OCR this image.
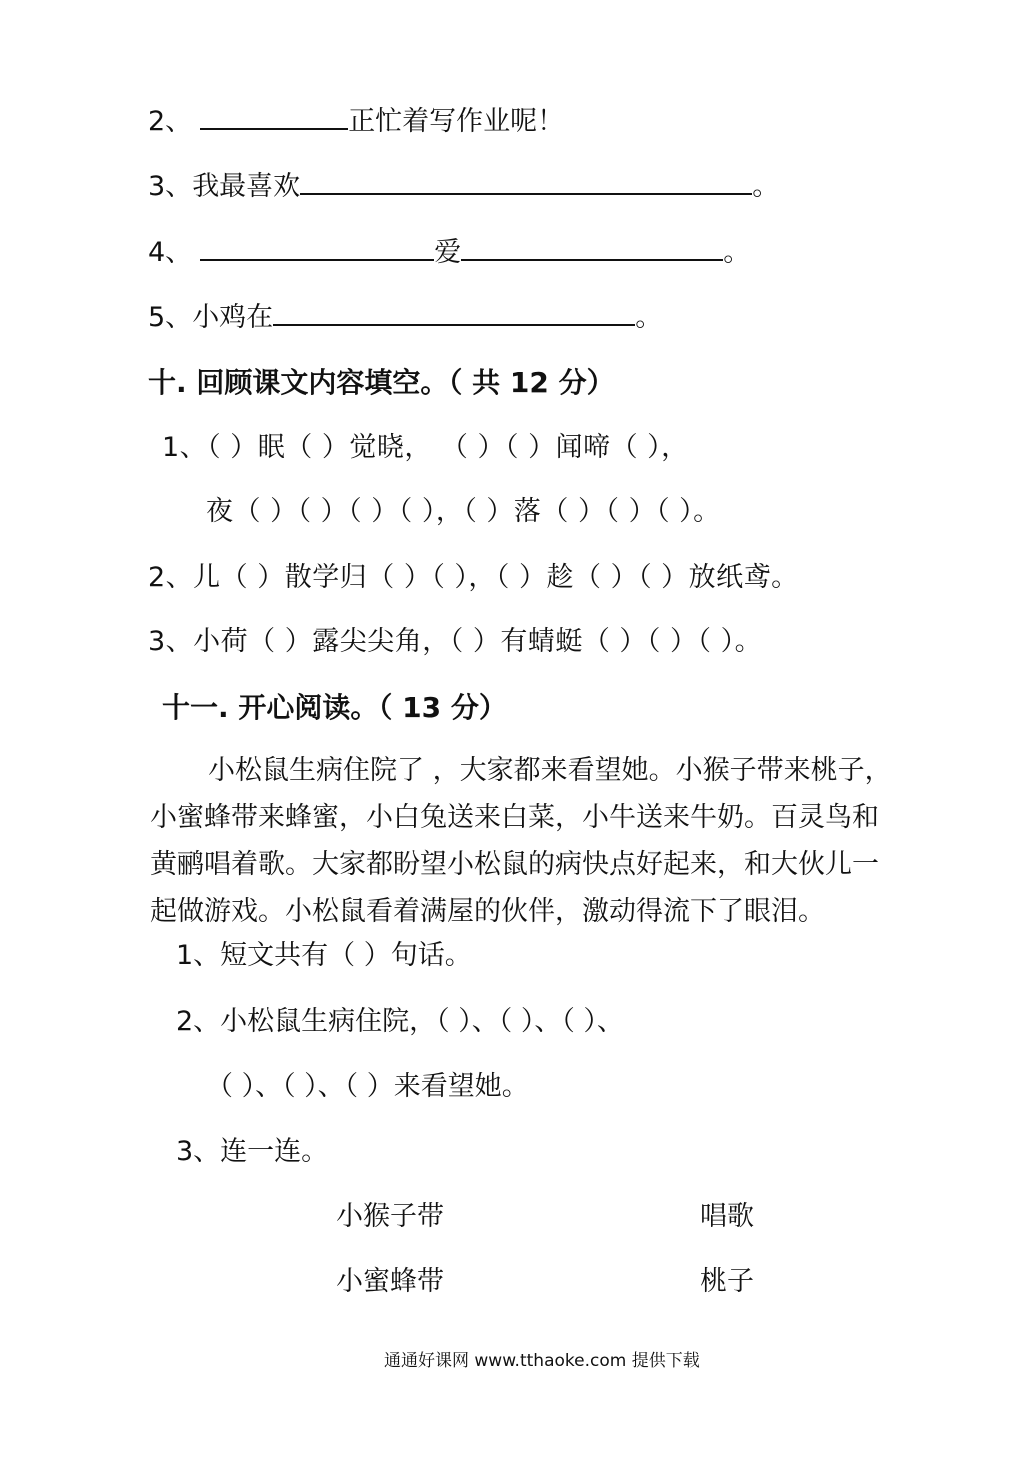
2、	正忙着写作业呢！
3、我最喜欢	。
4、	爱	。
5、小鸡在	。
十. 回顾课文内容填空。（ 共 12 分）
1、（ ）眠（ ）觉晓， （ ）（ ）闻啼（ ），
夜（ ）（ ）（ ）（ ），（ ）落（ ）（ ）（ ）。
2、儿（ ）散学归（ ）（ ），（ ）趁（ ）（ ）放纸鸢。
3、小荷（ ）露尖尖角，（ ）有蜻蜓（ ）（ ）（ ）。
十一. 开心阅读。（ 13 分）
小松鼠生病住院了 ，大家都来看望她。小猴子带来桃子，
小蜜蜂带来蜂蜜，小白兔送来白菜，小牛送来牛奶。百灵鸟和
黄鹂唱着歌。大家都盼望小松鼠的病快点好起来，和大伙儿一
起做游戏。小松鼠看着满屋的伙伴，激动得流下了眼泪。
1、短文共有（ ）句话。
2、小松鼠生病住院，（ ）、（ ）、（ ）、
（ ）、（ ）、（ ）来看望她。
3、连一连。
小猴子带	唱歌
小蜜蜂带	桃子
通通好课网 www.tthaoke.com 提供下载
